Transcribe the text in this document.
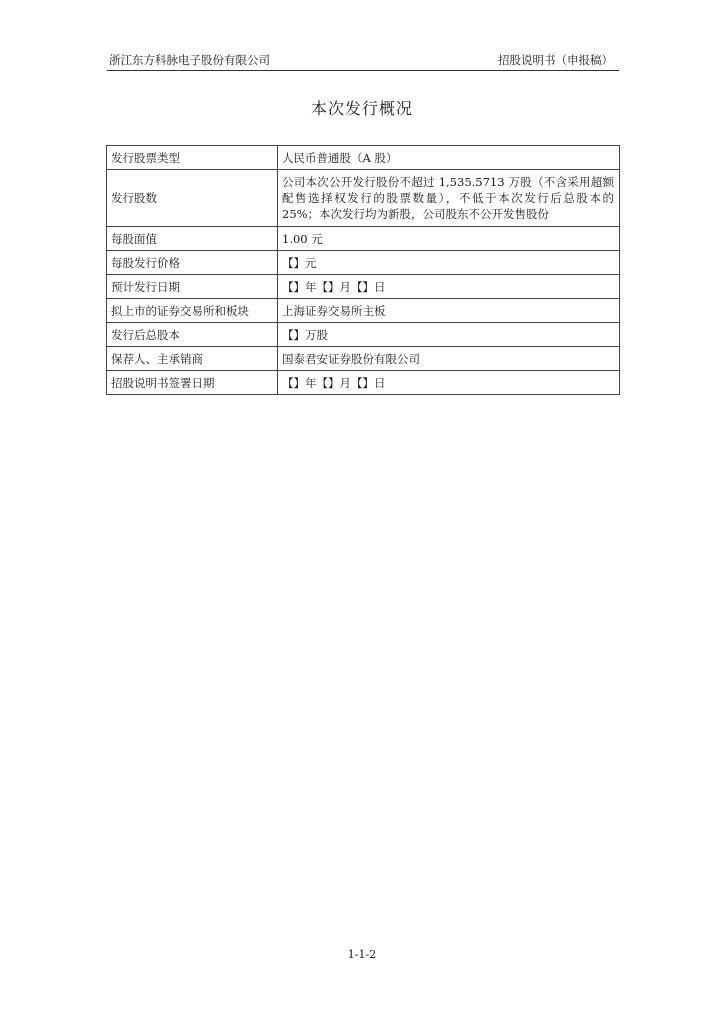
浙江东方科脉电子股份有限公司	招股说明书（申报稿）
本次发行概况
发行股票类型	人民币普通股（A 股）
发行股数	公司本次公开发行股份不超过 1,535.5713 万股（不含采用超额配售选择权发行的股票数量），不低于本次发行后总股本的 25%；本次发行均为新股，公司股东不公开发售股份
每股面值	1.00 元
每股发行价格	【】元
预计发行日期	【】年【】月【】日
拟上市的证券交易所和板块	上海证券交易所主板
发行后总股本	【】万股
保荐人、主承销商	国泰君安证券股份有限公司
招股说明书签署日期	【】年【】月【】日
1-1-2
